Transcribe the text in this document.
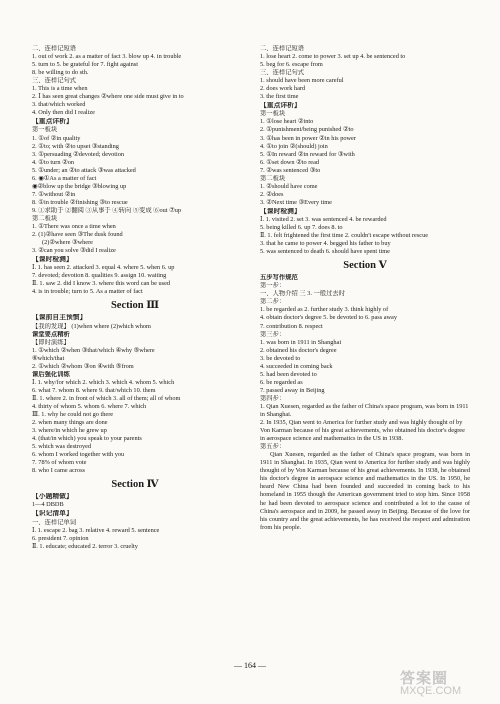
二、连样记短语
1. out of work 2. as a matter of fact 3. blow up 4. in trouble
5. turn to 5. be grateful for 7. fight against
8. be willing to do sth.
三、连样记句式
1. This is a time when
2. Ⅰ has seen great changes ②where one side must give in to
3. that/which worked
4. Only then did I realize
【重点详析】
第一板块
1. ①of ②in quality
2. ①to; with ②to upset ③standing
3. ①persuading ②devoted; devotion
4. ①to turn ②on
5. ①under; an ②to attack ③was attacked
6. ◉①As a matter of fact
◉②blow up the bridge ③blowing up
7. ①without ②in
8. ①in trouble ②finishing ③to rescue
9. ①求助于 ②翻阅 ③从事于 ④转向 ⑤变成 ⑥out ⑦up
第二板块
1. ①There was once a time when
2. (1)②have seen ③The dusk found
(2)②where ③where
3. ②can you solve ③did I realize
【课时检测】
Ⅰ. 1. has seen 2. attacked 3. equal 4. where 5. when 6. up
7. devoted; devotion 8. qualities 9. assign 10. waiting
Ⅱ. 1. saw 2. did I know 3. where this word can be used
4. is in trouble; turn to 5. As a matter of fact
Section Ⅲ
【课前自主预惯】
【我的发现】 (1)when where (2)which whom
课堂要点精析
【即时演练】
1. ①which ②when ③that/which ④why ⑤where
⑥which/that
2. ①which ②whom ③on ④with ⑤from
课后强化训练
Ⅰ. 1. why/for which 2. which 3. which 4. whom 5. which
6. what 7. whom 8. where 9. that/which 10. them
Ⅱ. 1. where 2. in front of which 3. all of them; all of whom
4. thirty of whom 5. whom 6. where 7. which
Ⅲ. 1. why he could not go there
2. when many things are done
3. where/in which he grew up
4. (that/in which) you speak to your parents
5. which was destroyed
6. whom I worked together with you
7. 78% of whom vote
8. who I came across
Section Ⅳ
【小题精做】
1—4 DBDB
【识记清单】
一、连样记单词
Ⅰ. 1. escape 2. bag 3. relative 4. reward 5. sentence
6. president 7. opinion
Ⅱ. 1. educate; educated 2. terror 3. cruelty
二、连样记短语
1. lose heart 2. come to power 3. set up 4. be sentenced to
5. beg for 6. escape from
三、连样记句式
1. should have been more careful
2. does work hard
3. the first time
【重点详析】
第一板块
1. ①lose heart ②into
2. ①punishment/being punished ②to
3. ①has been in power ②in his power
4. ①to join ②(should) join
5. ①In reward ②in reward for ③with
6. ①set down ②to read
7. ②was sentenced ③to
第二板块
1. ②should have come
2. ②does
3. ②Next time ③Every time
【课时检测】
Ⅰ. 1. visited 2. set 3. was sentenced 4. be rewarded
5. being killed 6. up 7. does 8. to
Ⅱ. 1. felt frightened the first time 2. couldn't escape without rescue
3. that he came to power 4. begged his father to buy
5. was sentenced to death 6. should have spent time
Section Ⅴ
五步写作规范
第一步：
一、人物介绍 三 3. 一般过去时
第二步：
1. be regarded as 2. further study 3. think highly of
4. obtain doctor's degree 5. be devoted to 6. pass away
7. contribution 8. respect
第三步：
1. was born in 1911 in Shanghai
2. obtained his doctor's degree
3. be devoted to
4. succeeded in coming back
5. had been devoted to
6. be regarded as
7. passed away in Beijing
第四步：
1. Qian Xuesen, regarded as the father of China's space program, was born in 1911 in Shanghai.
2. In 1935, Qian went to America for further study and was highly thought of by Von Karman because of his great achievements, who obtained his doctor's degree in aerospace science and mathematics in the US in 1938.
第五步：
Qian Xuesen, regarded as the father of China's space program, was born in 1911 in Shanghai. In 1935, Qian went to America for further study and was highly thought of by Von Karman because of his great achievements. In 1938, he obtained his doctor's degree in aerospace science and mathematics in the US. In 1950, he heard New China had been founded and succeeded in coming back to his homeland in 1955 though the American government tried to stop him. Since 1958 he had been devoted to aerospace science and contributed a lot to the cause of China's aerospace and in 2009, he passed away in Beijing. Because of the love for his country and the great achievements, he has received the respect and admiration from his people.
— 164 —
答案圈
MXQE.COM
